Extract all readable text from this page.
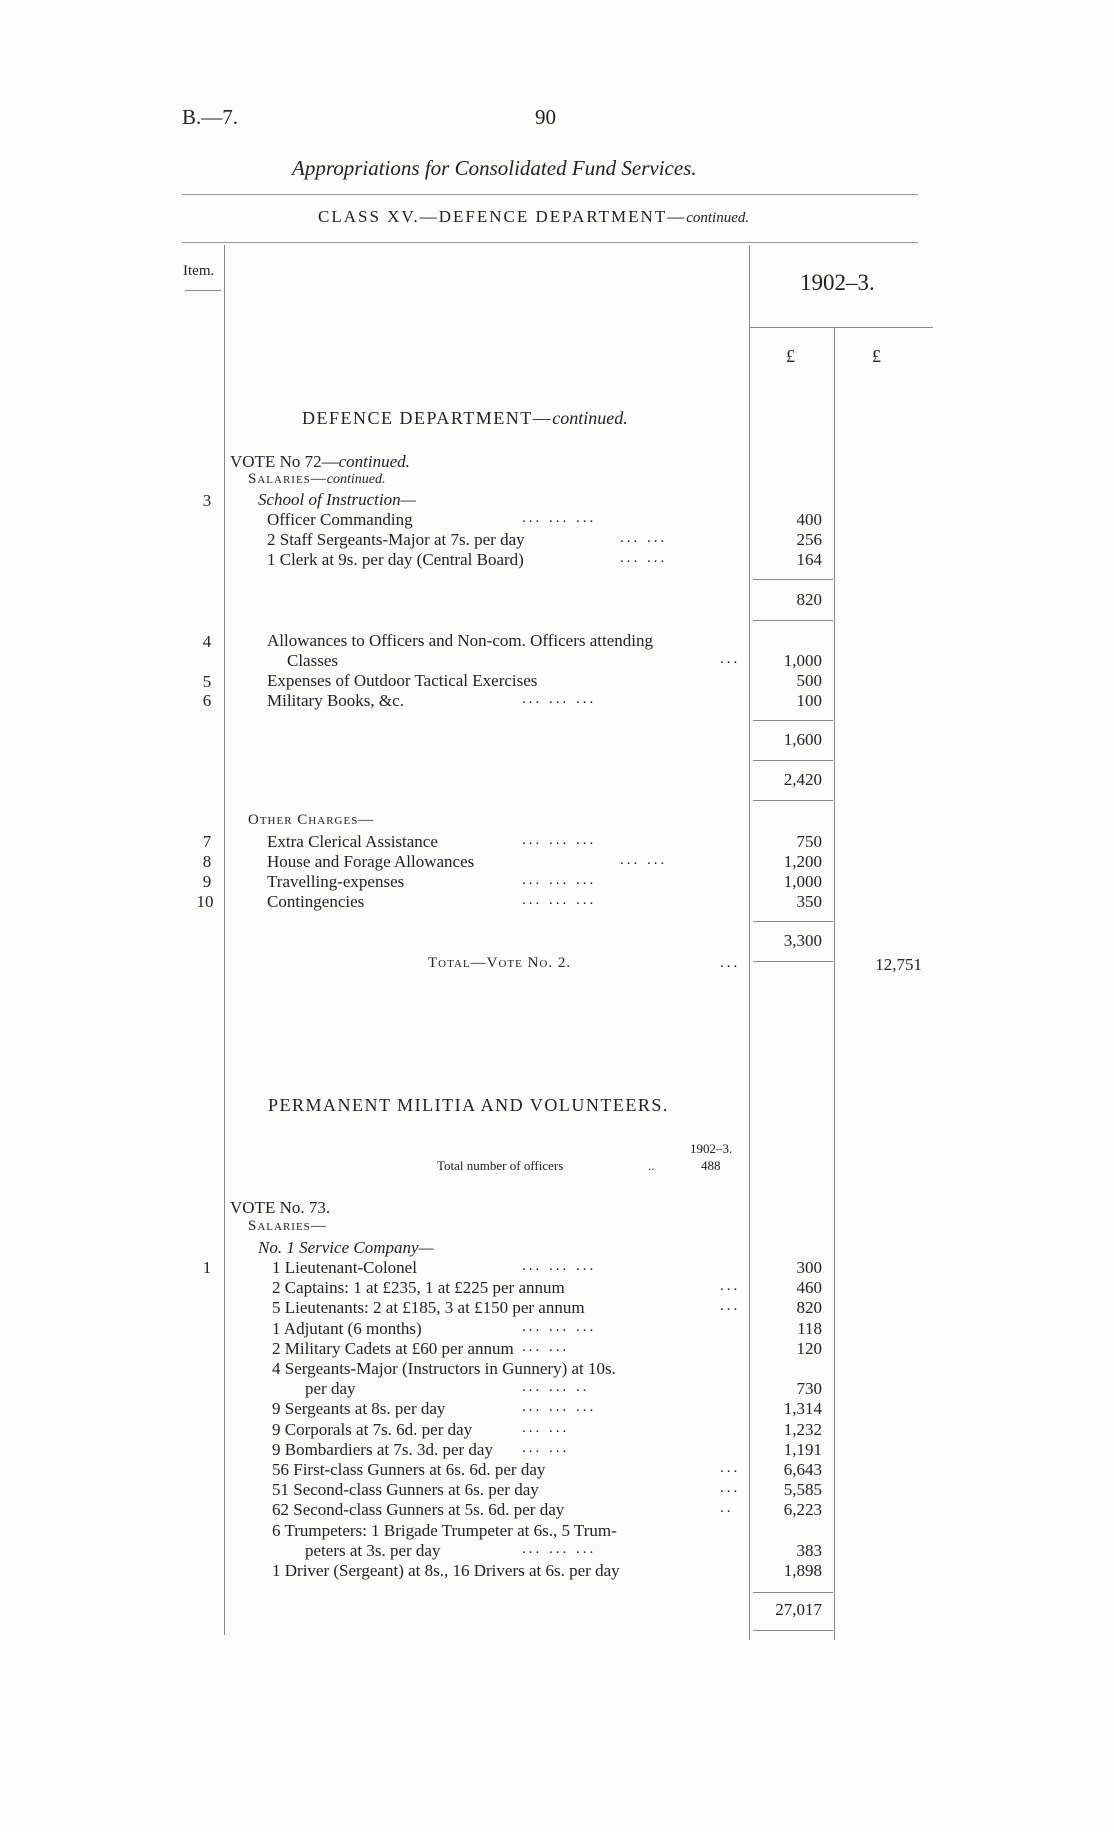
B.—7.	90
Appropriations for Consolidated Fund Services.
CLASS XV.—DEFENCE DEPARTMENT—continued.
Item.	1902–3.
£	£
DEFENCE DEPARTMENT—continued.
VOTE No 72—continued.
Salaries—continued.
School of Instruction—
3
Officer Commanding	... ... ...	400
2 Staff Sergeants-Major at 7s. per day	... ...	256
1 Clerk at 9s. per day (Central Board)	... ...	164
820
4	Allowances to Officers and Non-com. Officers attending
Classes	...	1,000
5	Expenses of Outdoor Tactical Exercises	500
6	Military Books, &c.	... ... ...	100
1,600
2,420
Other Charges—
7	Extra Clerical Assistance	... ... ...	750
8	House and Forage Allowances	... ...	1,200
9	Travelling-expenses	... ... ...	1,000
10	Contingencies	... ... ...	350
3,300
Total—Vote No. 2.	...	12,751
PERMANENT MILITIA AND VOLUNTEERS.
1902–3.
Total number of officers	..	488
VOTE No. 73.
Salaries—
No. 1 Service Company—
1	1 Lieutenant-Colonel	... ... ...	300
2 Captains: 1 at £235, 1 at £225 per annum	...	460
5 Lieutenants: 2 at £185, 3 at £150 per annum	...	820
1 Adjutant (6 months)	... ... ...	118
2 Military Cadets at £60 per annum ... ...	120
4 Sergeants-Major (Instructors in Gunnery) at 10s.
per day	... ... ..	730
9 Sergeants at 8s. per day	... ... ...	1,314
9 Corporals at 7s. 6d. per day	... ...	1,232
9 Bombardiers at 7s. 3d. per day ... ...	1,191
56 First-class Gunners at 6s. 6d. per day	...	6,643
51 Second-class Gunners at 6s. per day	...	5,585
62 Second-class Gunners at 5s. 6d. per day	..	6,223
6 Trumpeters: 1 Brigade Trumpeter at 6s., 5 Trum-
peters at 3s. per day	... ... ...	383
1 Driver (Sergeant) at 8s., 16 Drivers at 6s. per day	1,898
27,017
